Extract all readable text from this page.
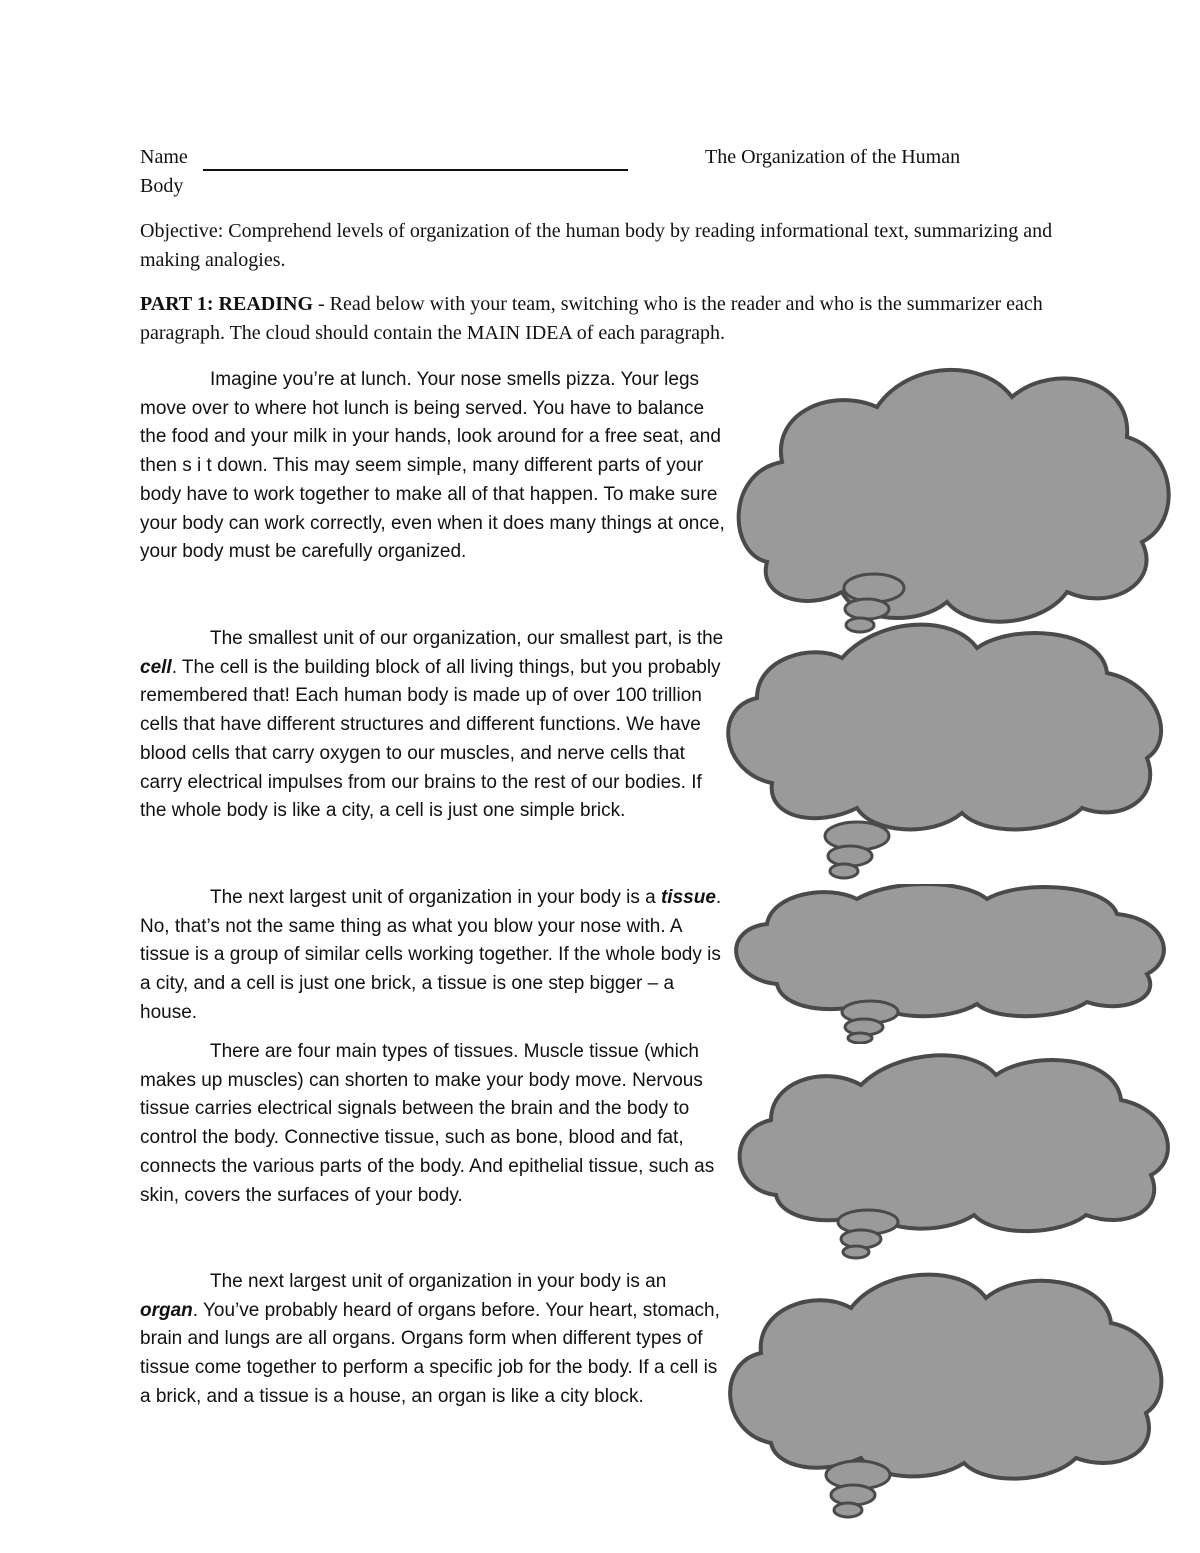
Name	The Organization of the Human
Body
Objective: Comprehend levels of organization of the human body by reading informational text, summarizing and making analogies.
PART 1: READING - Read below with your team, switching who is the reader and who is the summarizer each paragraph. The cloud should contain the MAIN IDEA of each paragraph.

Imagine you’re at lunch. Your nose smells pizza. Your legs move over to where hot lunch is being served. You have to balance the food and your milk in your hands, look around for a free seat, and then s i t down. This may seem simple, many different parts of your body have to work together to make all of that happen. To make sure your body can work correctly, even when it does many things at once, your body must be carefully organized.

The smallest unit of our organization, our smallest part, is the cell. The cell is the building block of all living things, but you probably remembered that! Each human body is made up of over 100 trillion cells that have different structures and different functions. We have blood cells that carry oxygen to our muscles, and nerve cells that carry electrical impulses from our brains to the rest of our bodies. If the whole body is like a city, a cell is just one simple brick.

The next largest unit of organization in your body is a tissue. No, that’s not the same thing as what you blow your nose with. A tissue is a group of similar cells working together. If the whole body is a city, and a cell is just one brick, a tissue is one step bigger – a house.

There are four main types of tissues. Muscle tissue (which makes up muscles) can shorten to make your body move. Nervous tissue carries electrical signals between the brain and the body to control the body. Connective tissue, such as bone, blood and fat, connects the various parts of the body. And epithelial tissue, such as skin, covers the surfaces of your body.

The next largest unit of organization in your body is an organ. You’ve probably heard of organs before. Your heart, stomach, brain and lungs are all organs. Organs form when different types of tissue come together to perform a specific job for the body. If a cell is a brick, and a tissue is a house, an organ is like a city block.
